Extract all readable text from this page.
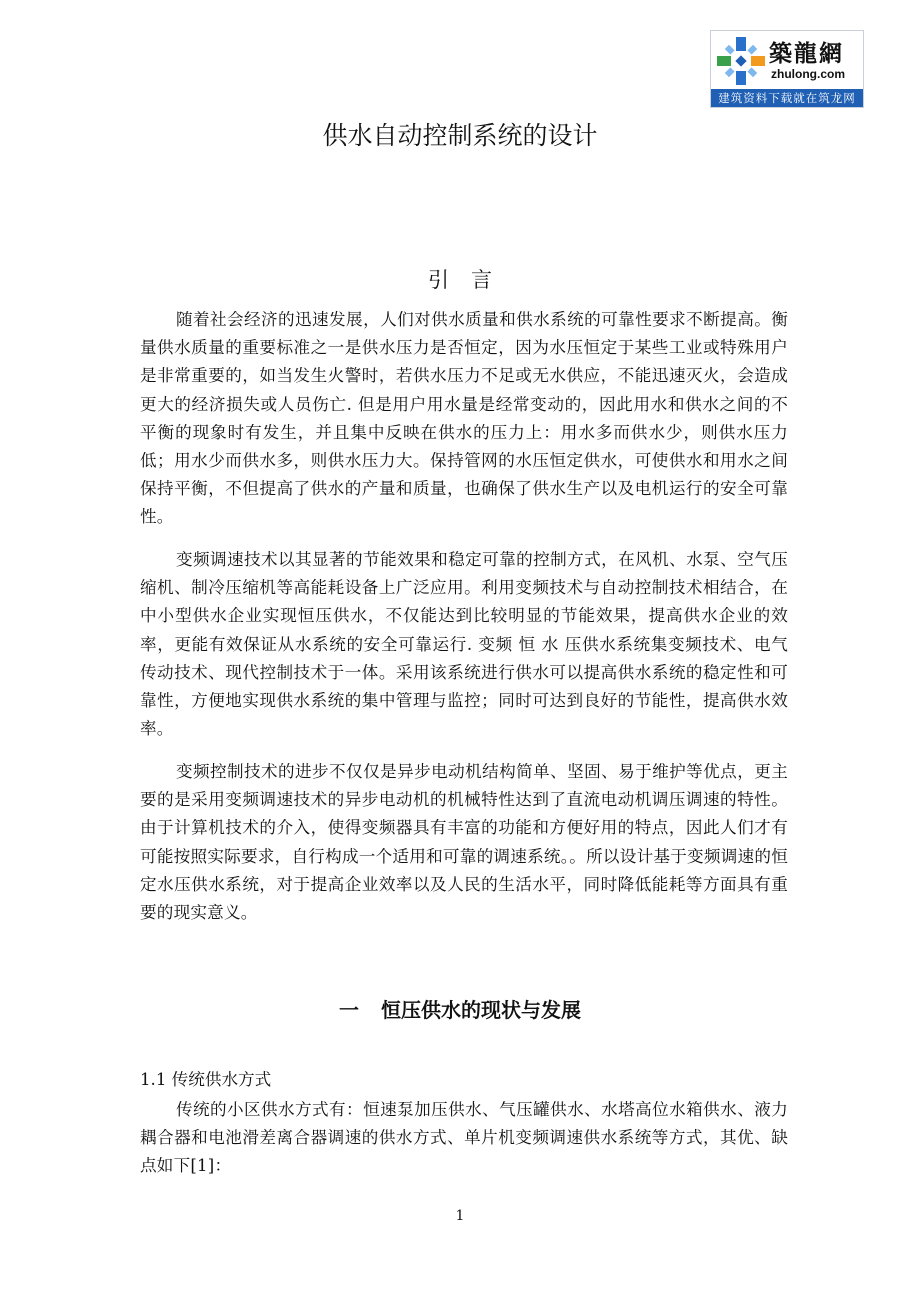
築龍網
zhulong.com
建筑资料下载就在筑龙网
供水自动控制系统的设计
引言

随着社会经济的迅速发展，人们对供水质量和供水系统的可靠性要求不断提高。衡量供水质量的重要标准之一是供水压力是否恒定，因为水压恒定于某些工业或特殊用户是非常重要的，如当发生火警时，若供水压力不足或无水供应，不能迅速灭火，会造成更大的经济损失或人员伤亡. 但是用户用水量是经常变动的，因此用水和供水之间的不平衡的现象时有发生，并且集中反映在供水的压力上：用水多而供水少，则供水压力低；用水少而供水多，则供水压力大。保持管网的水压恒定供水，可使供水和用水之间保持平衡，不但提高了供水的产量和质量，也确保了供水生产以及电机运行的安全可靠性。

变频调速技术以其显著的节能效果和稳定可靠的控制方式，在风机、水泵、空气压缩机、制冷压缩机等高能耗设备上广泛应用。利用变频技术与自动控制技术相结合，在中小型供水企业实现恒压供水，不仅能达到比较明显的节能效果，提高供水企业的效率，更能有效保证从水系统的安全可靠运行. 变频 恒 水 压供水系统集变频技术、电气传动技术、现代控制技术于一体。采用该系统进行供水可以提高供水系统的稳定性和可靠性，方便地实现供水系统的集中管理与监控；同时可达到良好的节能性，提高供水效率。

变频控制技术的进步不仅仅是异步电动机结构简单、坚固、易于维护等优点，更主要的是采用变频调速技术的异步电动机的机械特性达到了直流电动机调压调速的特性。由于计算机技术的介入，使得变频器具有丰富的功能和方便好用的特点，因此人们才有可能按照实际要求，自行构成一个适用和可靠的调速系统。。所以设计基于变频调速的恒定水压供水系统，对于提高企业效率以及人民的生活水平，同时降低能耗等方面具有重要的现实意义。

一 恒压供水的现状与发展
1.1 传统供水方式

传统的小区供水方式有：恒速泵加压供水、气压罐供水、水塔高位水箱供水、液力耦合器和电池滑差离合器调速的供水方式、单片机变频调速供水系统等方式，其优、缺点如下[1]：

1
